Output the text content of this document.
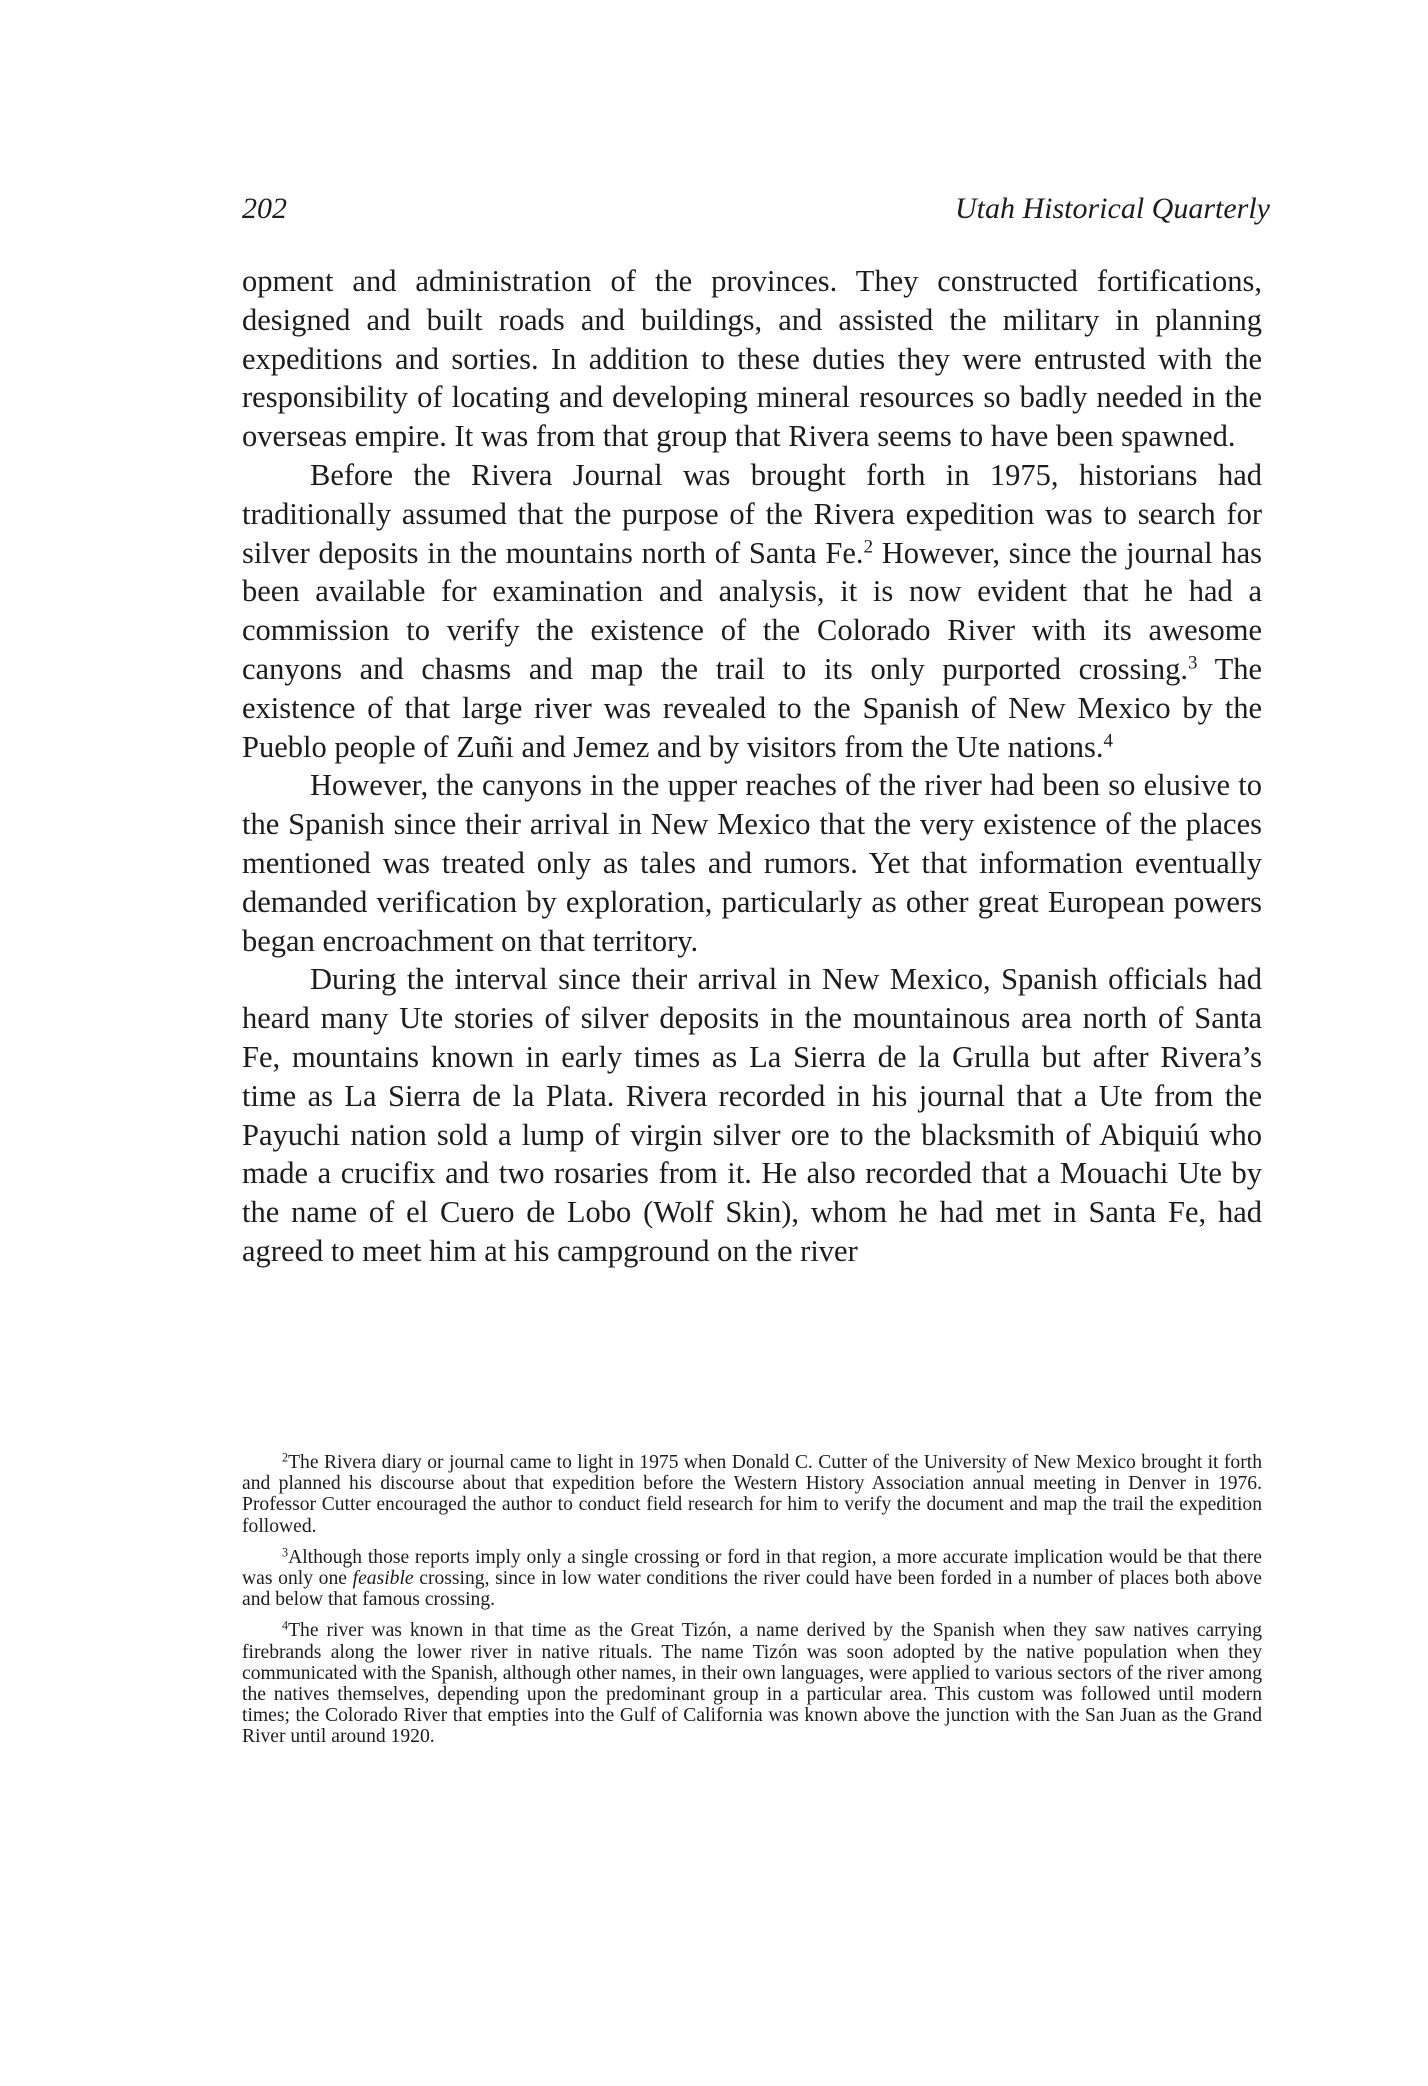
202	Utah Historical Quarterly

opment and administration of the provinces. They constructed fortifications, designed and built roads and buildings, and assisted the military in planning expeditions and sorties. In addition to these duties they were entrusted with the responsibility of locating and developing mineral resources so badly needed in the overseas empire. It was from that group that Rivera seems to have been spawned.

Before the Rivera Journal was brought forth in 1975, historians had traditionally assumed that the purpose of the Rivera expedition was to search for silver deposits in the mountains north of Santa Fe.$^2$ However, since the journal has been available for examination and analysis, it is now evident that he had a commission to verify the existence of the Colorado River with its awesome canyons and chasms and map the trail to its only purported crossing.$^3$ The existence of that large river was revealed to the Spanish of New Mexico by the Pueblo people of Zuñi and Jemez and by visitors from the Ute nations.$^4$

However, the canyons in the upper reaches of the river had been so elusive to the Spanish since their arrival in New Mexico that the very existence of the places mentioned was treated only as tales and rumors. Yet that information eventually demanded verification by exploration, particularly as other great European powers began encroachment on that territory.

During the interval since their arrival in New Mexico, Spanish officials had heard many Ute stories of silver deposits in the mountainous area north of Santa Fe, mountains known in early times as La Sierra de la Grulla but after Rivera’s time as La Sierra de la Plata. Rivera recorded in his journal that a Ute from the Payuchi nation sold a lump of virgin silver ore to the blacksmith of Abiquiú who made a crucifix and two rosaries from it. He also recorded that a Mouachi Ute by the name of el Cuero de Lobo (Wolf Skin), whom he had met in Santa Fe, had agreed to meet him at his campground on the river

$^2$The Rivera diary or journal came to light in 1975 when Donald C. Cutter of the University of New Mexico brought it forth and planned his discourse about that expedition before the Western History Association annual meeting in Denver in 1976. Professor Cutter encouraged the author to conduct field research for him to verify the document and map the trail the expedition followed.

$^3$Although those reports imply only a single crossing or ford in that region, a more accurate implication would be that there was only one feasible crossing, since in low water conditions the river could have been forded in a number of places both above and below that famous crossing.

$^4$The river was known in that time as the Great Tizón, a name derived by the Spanish when they saw natives carrying firebrands along the lower river in native rituals. The name Tizón was soon adopted by the native population when they communicated with the Spanish, although other names, in their own languages, were applied to various sectors of the river among the natives themselves, depending upon the predominant group in a particular area. This custom was followed until modern times; the Colorado River that empties into the Gulf of California was known above the junction with the San Juan as the Grand River until around 1920.
